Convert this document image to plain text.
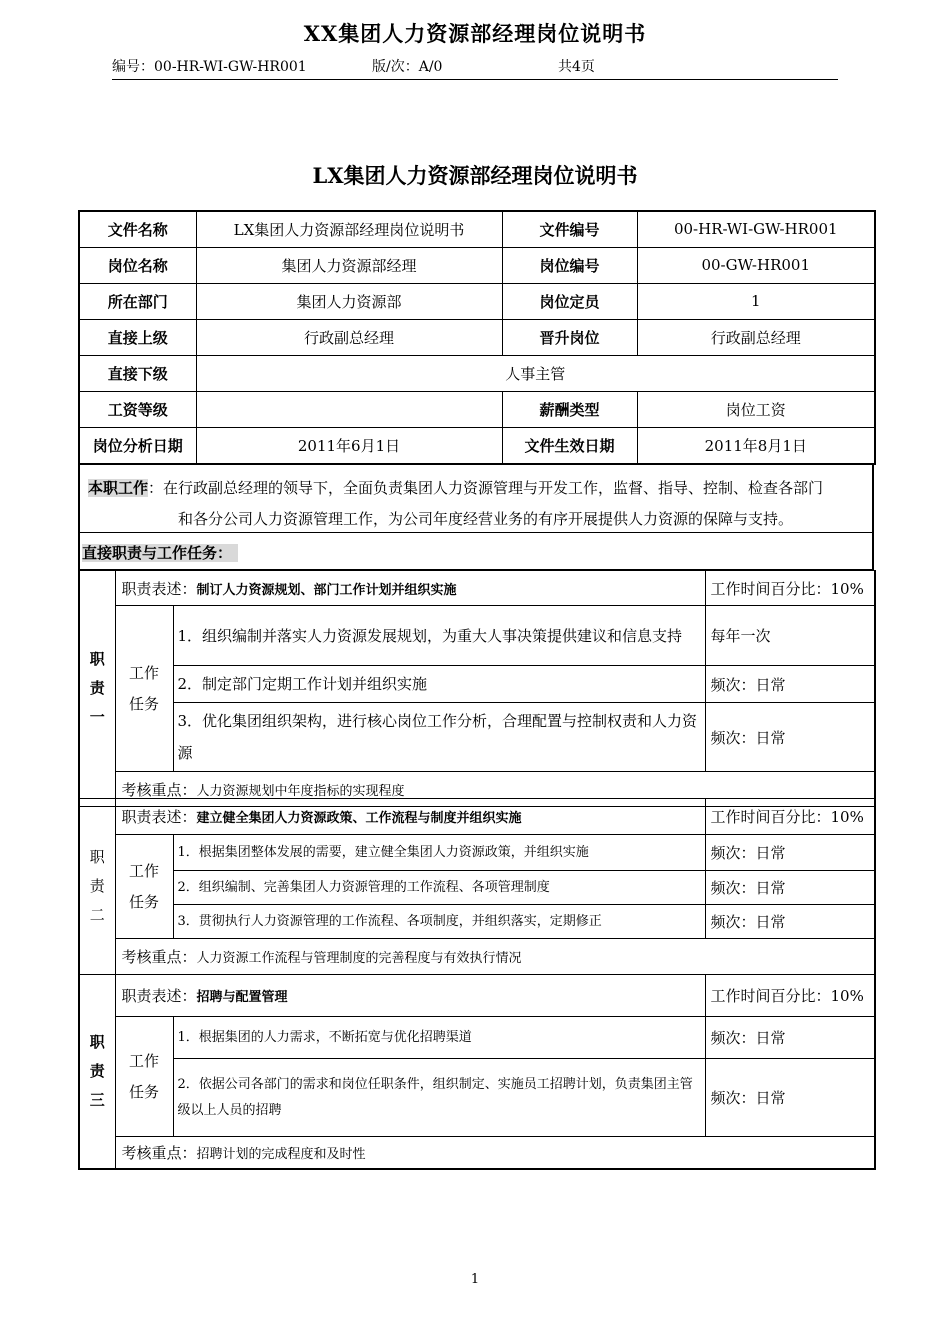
XX集团人力资源部经理岗位说明书
编号：00-HR-WI-GW-HR001	版/次：A/0	共4页
LX集团人力资源部经理岗位说明书
文件名称	LX集团人力资源部经理岗位说明书	文件编号	00-HR-WI-GW-HR001
岗位名称	集团人力资源部经理	岗位编号	00-GW-HR001
所在部门	集团人力资源部	岗位定员	1
直接上级	行政副总经理	晋升岗位	行政副总经理
直接下级	人事主管		
工资等级		薪酬类型	岗位工资
岗位分析日期	2011年6月1日	文件生效日期	2011年8月1日
本职工作：在行政副总经理的领导下，全面负责集团人力资源管理与开发工作，监督、指导、控制、检查各部门
和各分公司人力资源管理工作，为公司年度经营业务的有序开展提供人力资源的保障与支持。
直接职责与工作任务：
职
责
一	职责表述：制订人力资源规划、部门工作计划并组织实施		工作时间百分比：10%

	工作
任务	1．组织编制并落实人力资源发展规划，为重大人事决策提供建议和信息支持	每年一次
		2．制定部门定期工作计划并组织实施	频次：日常
		3．优化集团组织架构，进行核心岗位工作分析，合理配置与控制权责和人力资源	频次：日常
	考核重点：人力资源规划中年度指标的实现程度		
职
责
二	职责表述：建立健全集团人力资源政策、工作流程与制度并组织实施		工作时间百分比：10%

	工作
任务	1．根据集团整体发展的需要，建立健全集团人力资源政策，并组织实施	频次：日常
		2．组织编制、完善集团人力资源管理的工作流程、各项管理制度	频次：日常
		3．贯彻执行人力资源管理的工作流程、各项制度，并组织落实，定期修正	频次：日常
	考核重点：人力资源工作流程与管理制度的完善程度与有效执行情况		
职
责
三	职责表述：招聘与配置管理		工作时间百分比：10%

	工作
任务	1．根据集团的人力需求，不断拓宽与优化招聘渠道	频次：日常
		2．依据公司各部门的需求和岗位任职条件，组织制定、实施员工招聘计划，负责集团主管级以上人员的招聘	频次：日常
	考核重点：招聘计划的完成程度和及时性		
1
